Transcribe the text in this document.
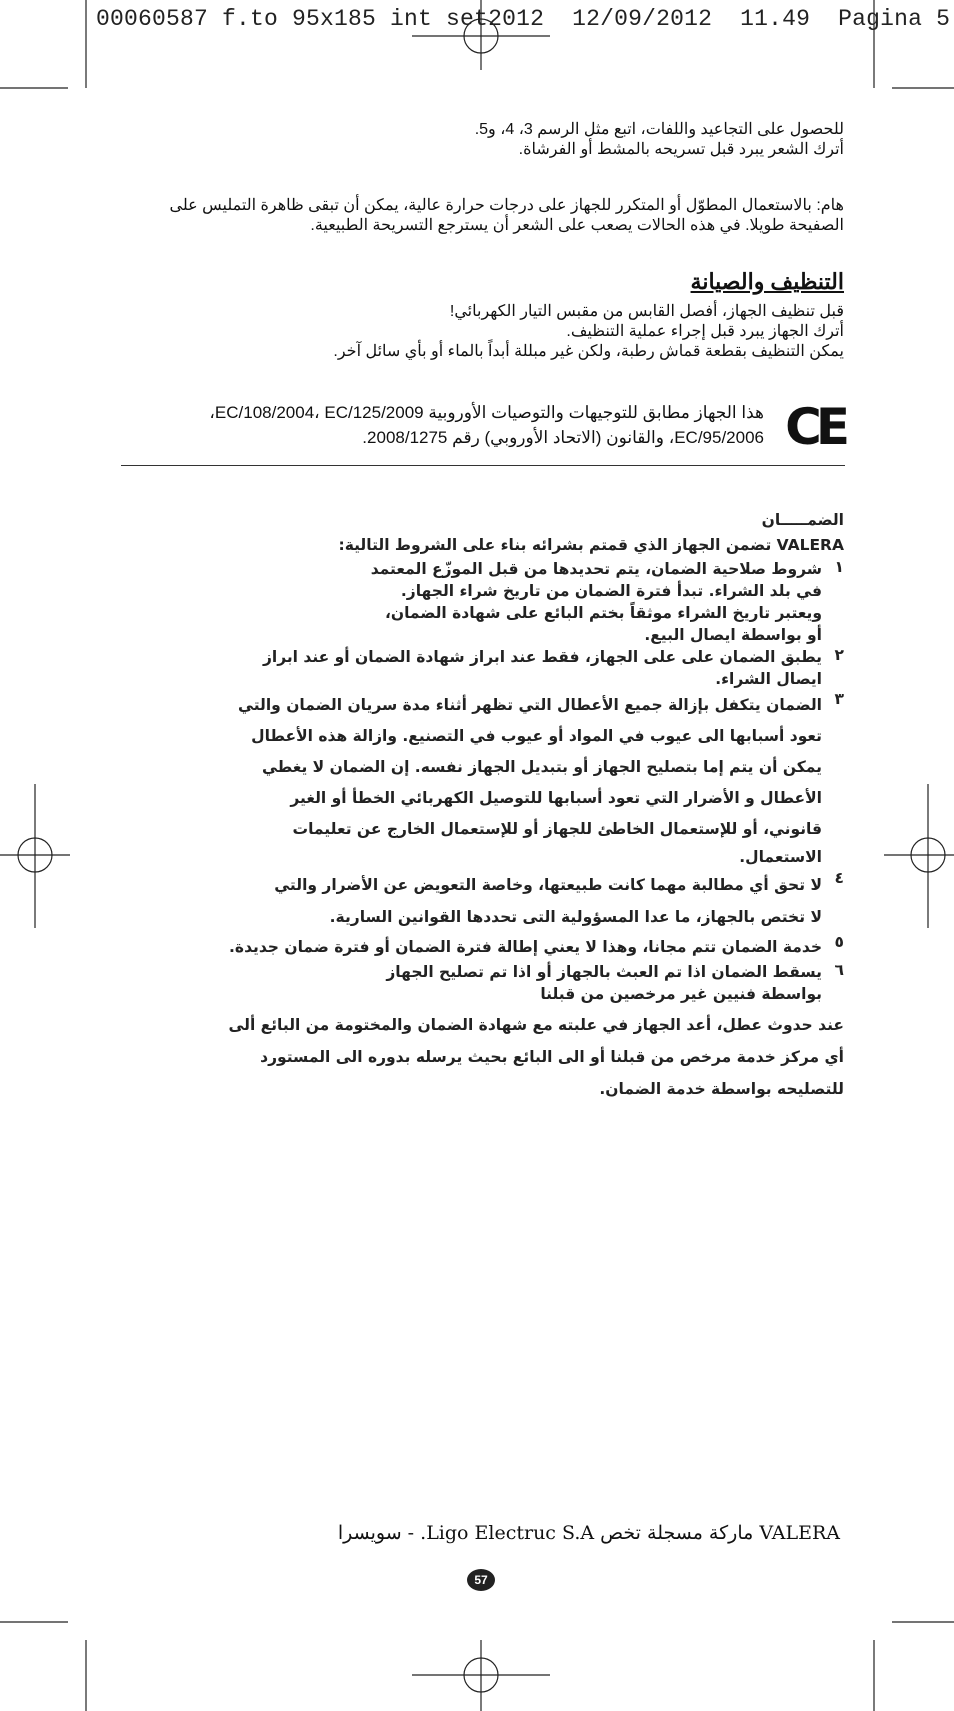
00060587 f.to 95x185 int set2012  12/09/2012  11.49  Pagina 5

للحصول على التجاعيد واللفات، اتبع مثل الرسم 3، 4، و5.

أترك الشعر يبرد قبل تسريحه بالمشط أو الفرشاة.

هام: بالاستعمال المطوّل أو المتكرر للجهاز على درجات حرارة عالية، يمكن أن تبقى ظاهرة التمليس على

الصفيحة طويلا. في هذه الحالات يصعب على الشعر أن يسترجع التسريحة الطبيعية.

التنظيف والصيانة

قبل تنظيف الجهاز، أفصل القابس من مقبس التيار الكهربائي!

أترك الجهاز يبرد قبل إجراء عملية التنظيف.

يمكن التنظيف بقطعة قماش رطبة، ولكن غير مبللة أبداً بالماء أو بأي سائل آخر.

CE
هذا الجهاز مطابق للتوجيهات والتوصيات الأوروبية EC/108/2004، EC/125/2009،
EC/95/2006، والقانون (الاتحاد الأوروبي) رقم 2008/1275.

الضمـــــان

VALERA تضمن الجهاز الذي قمتم بشرائه بناء على الشروط التالية:

١
شروط صلاحية الضمان، يتم تحديدها من قبل الموزّع المعتمد
في بلد الشراء. تبدأ فترة الضمان من تاريخ شراء الجهاز.
ويعتبر تاريخ الشراء موثقاً بختم البائع على شهادة الضمان،
أو بواسطة ايصال البيع.
٢
يطبق الضمان على على الجهاز، فقط عند ابراز شهادة الضمان أو عند ابراز
ايصال الشراء.
٣
الضمان يتكفل بإزالة جميع الأعطال التي تظهر أثناء مدة سريان الضمان والتي
تعود أسبابها الى عيوب في المواد أو عيوب في التصنيع. وازالة هذه الأعطال
يمكن أن يتم إما بتصليح الجهاز أو بتبديل الجهاز نفسه. إن الضمان لا يغطي
الأعطال و الأضرار التي تعود أسبابها للتوصيل الكهربائي الخطأ أو الغير
قانوني، أو للإستعمال الخاطئ للجهاز أو للإستعمال الخارج عن تعليمات
الاستعمال.
٤
لا تحق أي مطالبة مهما كانت طبيعتها، وخاصة التعويض عن الأضرار والتي
لا تختص بالجهاز، ما عدا المسؤولية التى تحددها القوانين السارية.
٥
خدمة الضمان تتم مجانا، وهذا لا يعني إطالة فترة الضمان أو فترة ضمان جديدة.
٦
يسقط الضمان اذا تم العبث بالجهاز أو اذا تم تصليح الجهاز
بواسطة فنيين غير مرخصين من قبلنا
عند حدوث عطل، أعد الجهاز في علبته مع شهادة الضمان والمختومة من البائع ألى
أي مركز خدمة مرخص من قبلنا أو الى البائع بحيث يرسله بدوره الى المستورد
للتصليحه بواسطة خدمة الضمان.
VALERA ماركة مسجلة تخص Ligo Electruc S.A. - سويسرا
57
